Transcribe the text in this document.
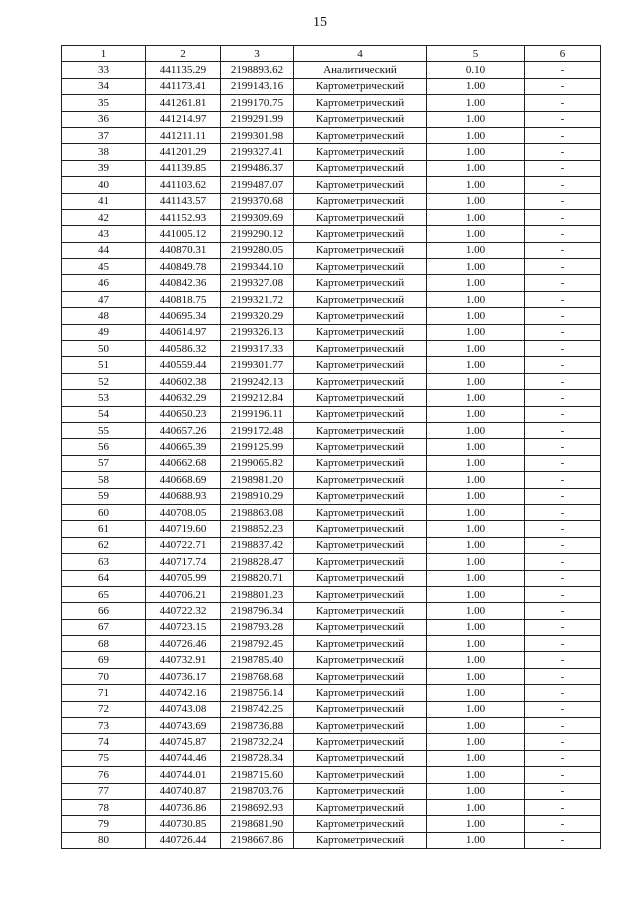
15
1	2	3	4	5	6
33	441135.29	2198893.62	Аналитический	0.10	-
34	441173.41	2199143.16	Картометрический	1.00	-
35	441261.81	2199170.75	Картометрический	1.00	-
36	441214.97	2199291.99	Картометрический	1.00	-
37	441211.11	2199301.98	Картометрический	1.00	-
38	441201.29	2199327.41	Картометрический	1.00	-
39	441139.85	2199486.37	Картометрический	1.00	-
40	441103.62	2199487.07	Картометрический	1.00	-
41	441143.57	2199370.68	Картометрический	1.00	-
42	441152.93	2199309.69	Картометрический	1.00	-
43	441005.12	2199290.12	Картометрический	1.00	-
44	440870.31	2199280.05	Картометрический	1.00	-
45	440849.78	2199344.10	Картометрический	1.00	-
46	440842.36	2199327.08	Картометрический	1.00	-
47	440818.75	2199321.72	Картометрический	1.00	-
48	440695.34	2199320.29	Картометрический	1.00	-
49	440614.97	2199326.13	Картометрический	1.00	-
50	440586.32	2199317.33	Картометрический	1.00	-
51	440559.44	2199301.77	Картометрический	1.00	-
52	440602.38	2199242.13	Картометрический	1.00	-
53	440632.29	2199212.84	Картометрический	1.00	-
54	440650.23	2199196.11	Картометрический	1.00	-
55	440657.26	2199172.48	Картометрический	1.00	-
56	440665.39	2199125.99	Картометрический	1.00	-
57	440662.68	2199065.82	Картометрический	1.00	-
58	440668.69	2198981.20	Картометрический	1.00	-
59	440688.93	2198910.29	Картометрический	1.00	-
60	440708.05	2198863.08	Картометрический	1.00	-
61	440719.60	2198852.23	Картометрический	1.00	-
62	440722.71	2198837.42	Картометрический	1.00	-
63	440717.74	2198828.47	Картометрический	1.00	-
64	440705.99	2198820.71	Картометрический	1.00	-
65	440706.21	2198801.23	Картометрический	1.00	-
66	440722.32	2198796.34	Картометрический	1.00	-
67	440723.15	2198793.28	Картометрический	1.00	-
68	440726.46	2198792.45	Картометрический	1.00	-
69	440732.91	2198785.40	Картометрический	1.00	-
70	440736.17	2198768.68	Картометрический	1.00	-
71	440742.16	2198756.14	Картометрический	1.00	-
72	440743.08	2198742.25	Картометрический	1.00	-
73	440743.69	2198736.88	Картометрический	1.00	-
74	440745.87	2198732.24	Картометрический	1.00	-
75	440744.46	2198728.34	Картометрический	1.00	-
76	440744.01	2198715.60	Картометрический	1.00	-
77	440740.87	2198703.76	Картометрический	1.00	-
78	440736.86	2198692.93	Картометрический	1.00	-
79	440730.85	2198681.90	Картометрический	1.00	-
80	440726.44	2198667.86	Картометрический	1.00	-
